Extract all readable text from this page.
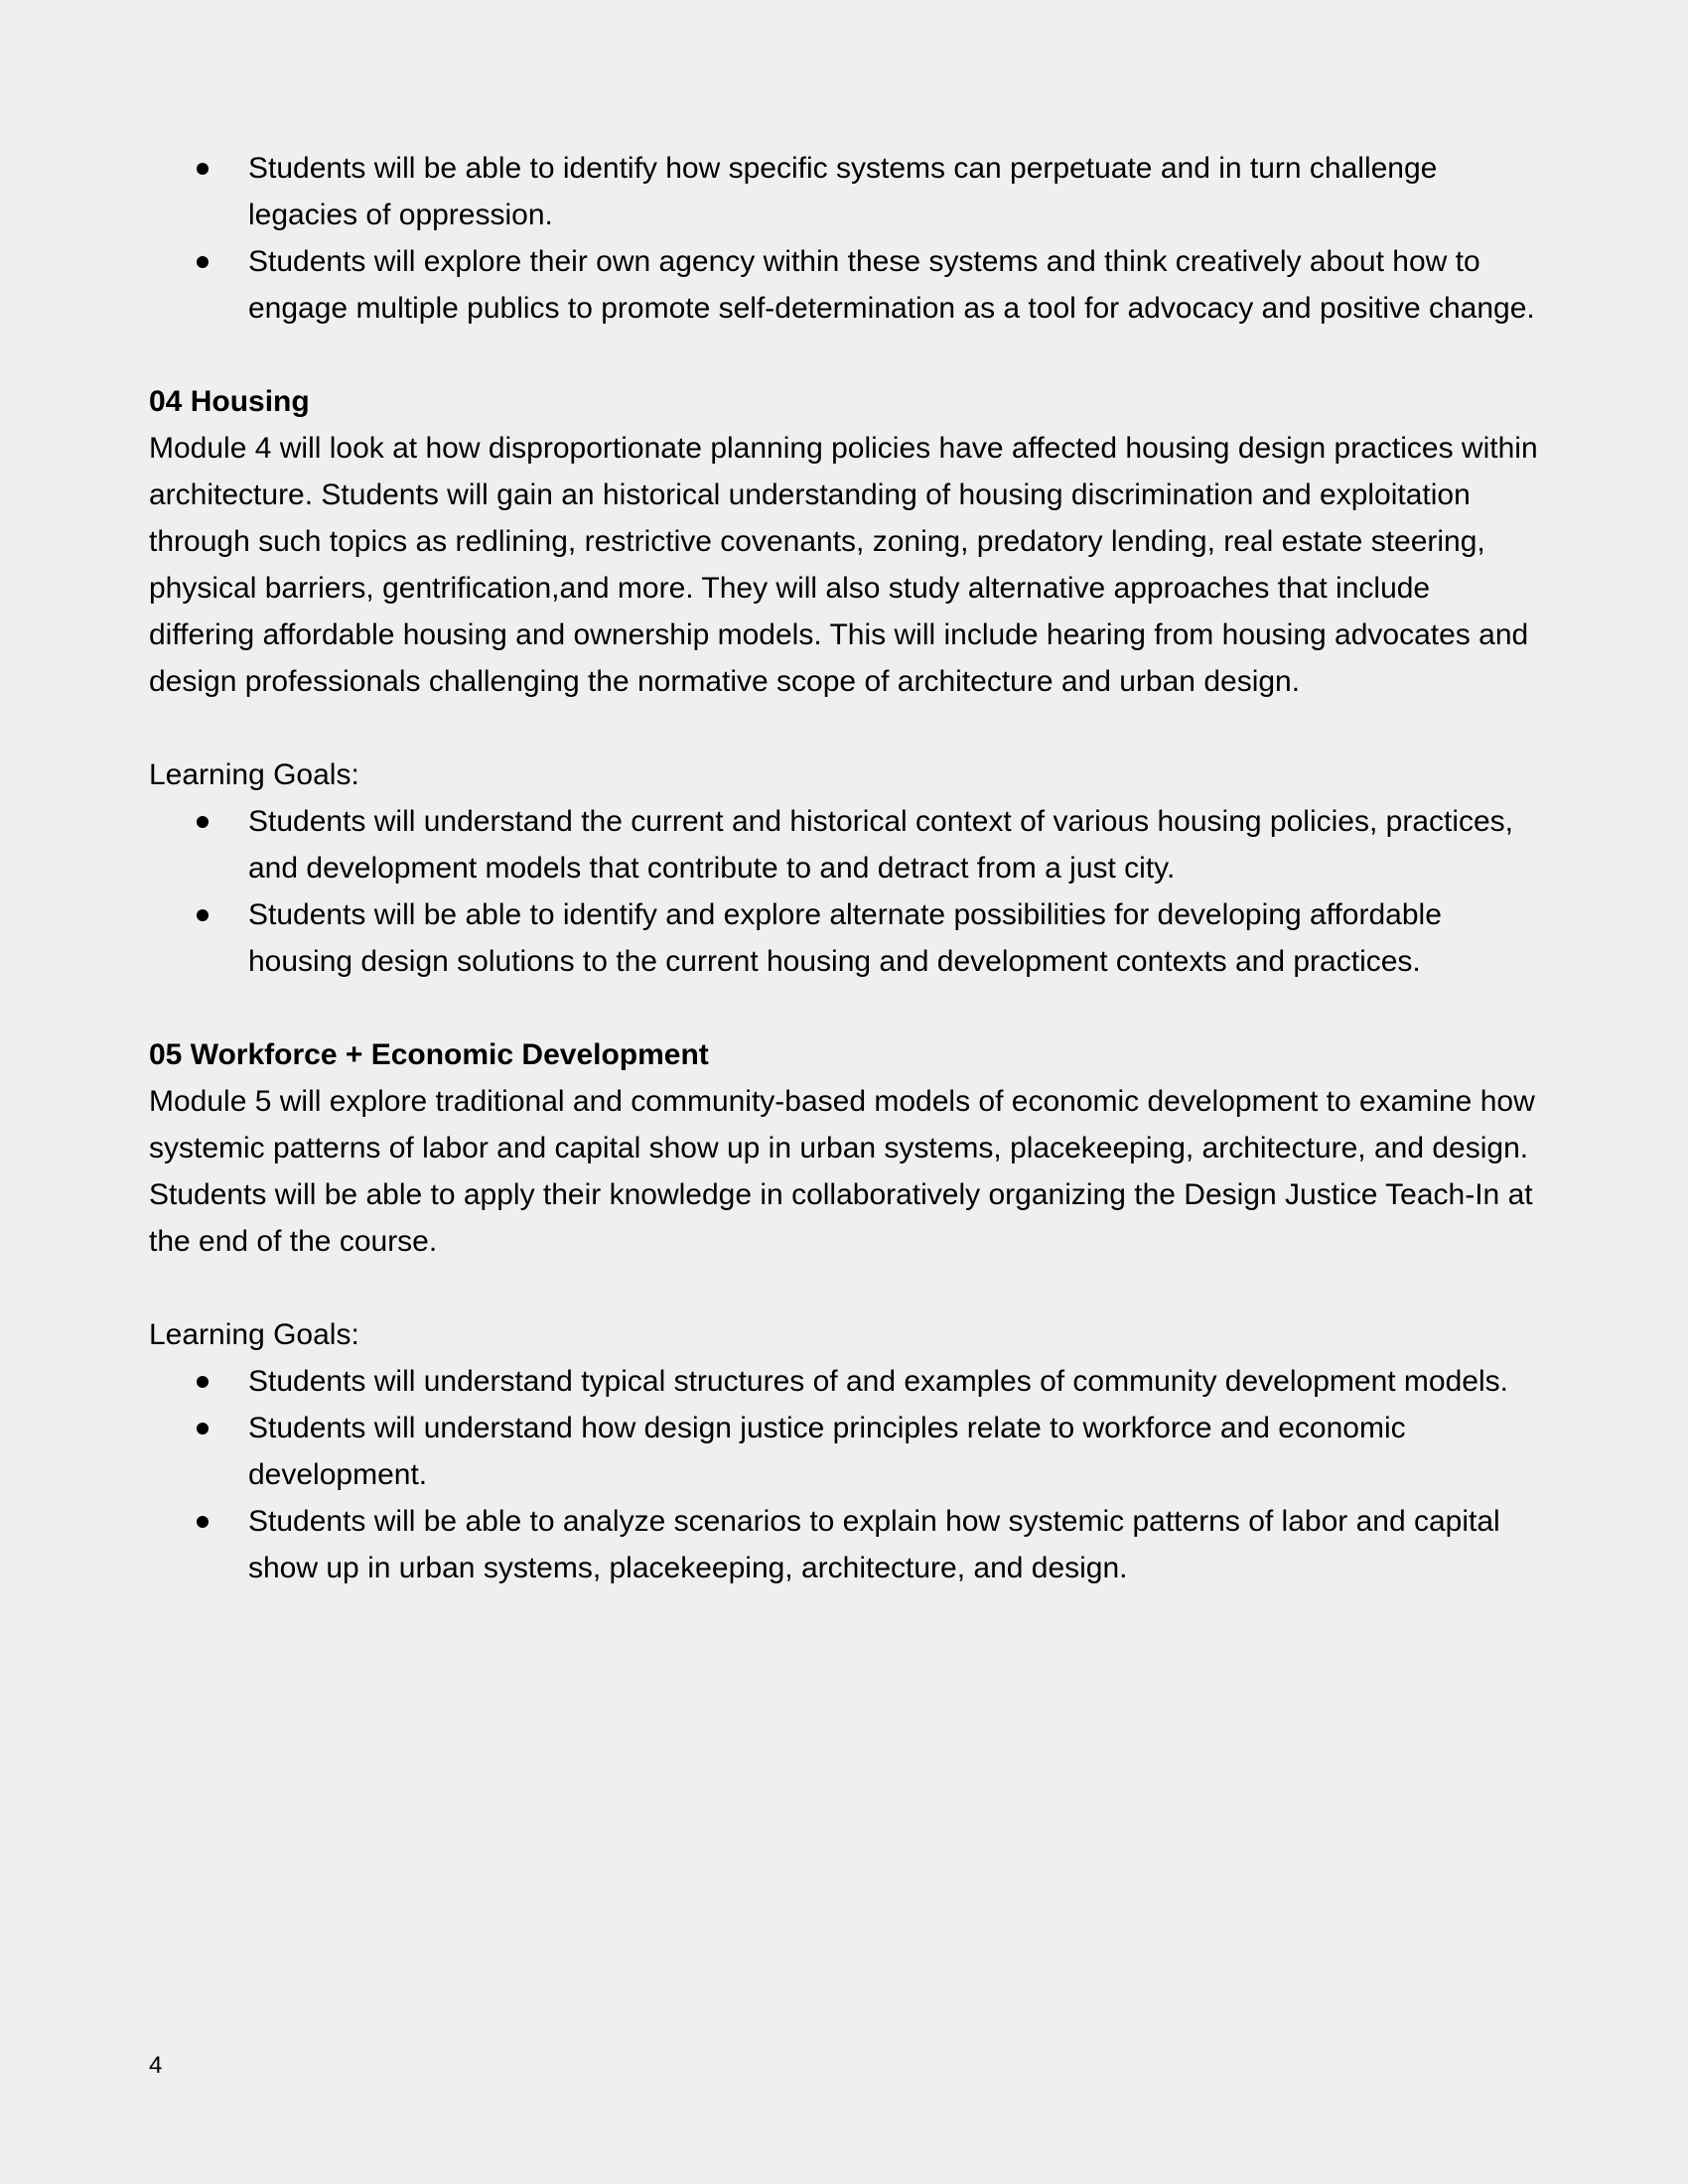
Students will be able to identify how specific systems can perpetuate and in turn challenge legacies of oppression.
Students will explore their own agency within these systems and think creatively about how to engage multiple publics to promote self-determination as a tool for advocacy and positive change.
04 Housing

Module 4 will look at how disproportionate planning policies have affected housing design practices within architecture. Students will gain an historical understanding of housing discrimination and exploitation through such topics as redlining, restrictive covenants, zoning, predatory lending, real estate steering, physical barriers, gentrification,and more. They will also study alternative approaches that include differing affordable housing and ownership models. This will include hearing from housing advocates and design professionals challenging the normative scope of architecture and urban design.

Learning Goals:

Students will understand the current and historical context of various housing policies, practices, and development models that contribute to and detract from a just city.
Students will be able to identify and explore alternate possibilities for developing affordable housing design solutions to the current housing and development contexts and practices.
05 Workforce + Economic Development

Module 5 will explore traditional and community-based models of economic development to examine how systemic patterns of labor and capital show up in urban systems, placekeeping, architecture, and design. Students will be able to apply their knowledge in collaboratively organizing the Design Justice Teach-In at the end of the course.

Learning Goals:

Students will understand typical structures of and examples of community development models.
Students will understand how design justice principles relate to workforce and economic development.
Students will be able to analyze scenarios to explain how systemic patterns of labor and capital show up in urban systems, placekeeping, architecture, and design.
4
